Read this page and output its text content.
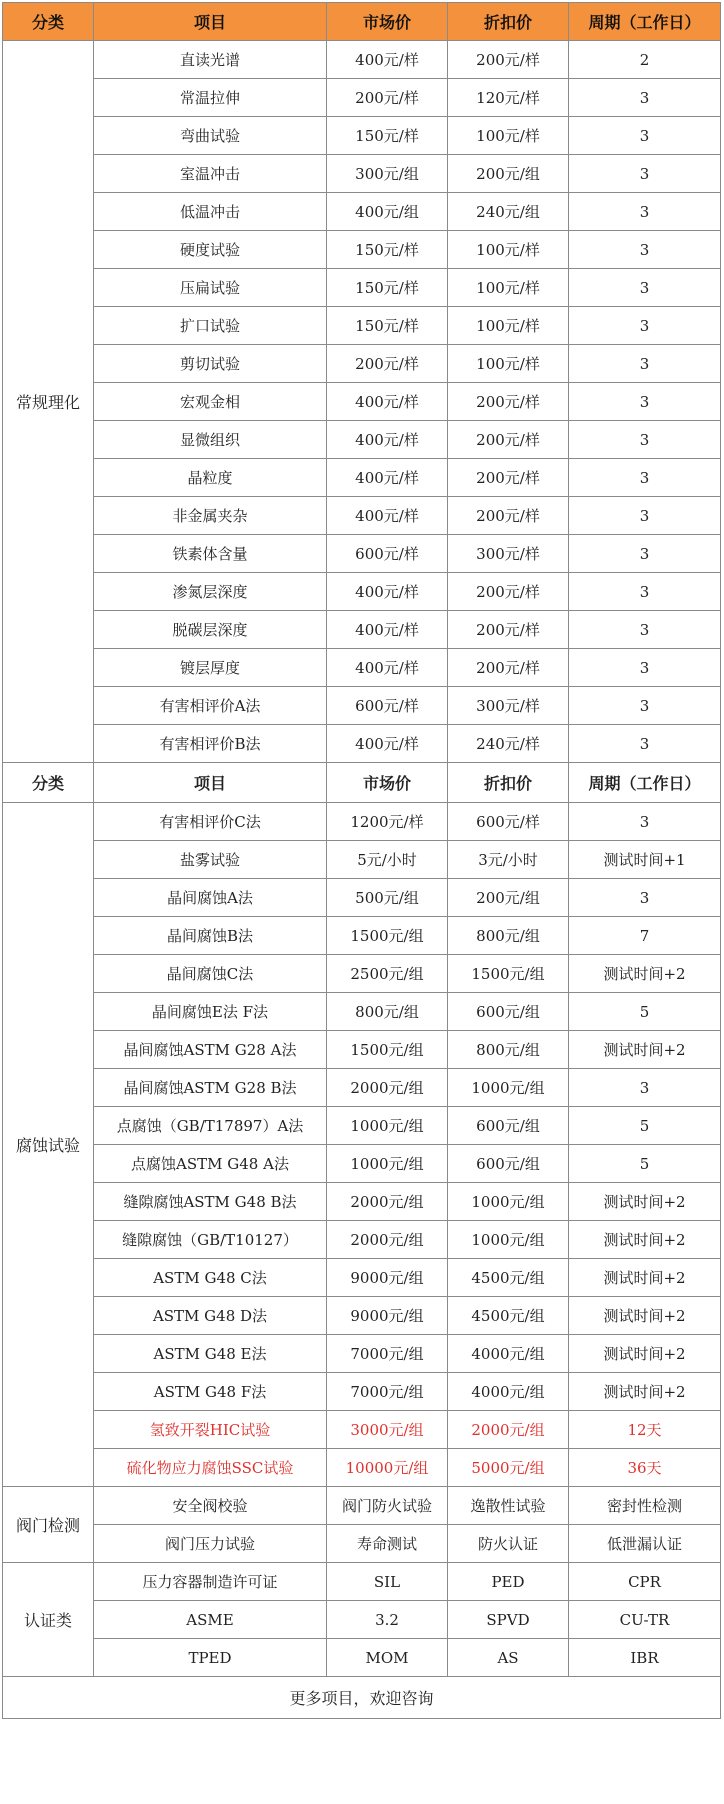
分类	项目	市场价	折扣价	周期（工作日）
常规理化	直读光谱	400元/样	200元/样	2
	常温拉伸	200元/样	120元/样	3
	弯曲试验	150元/样	100元/样	3
	室温冲击	300元/组	200元/组	3
	低温冲击	400元/组	240元/组	3
	硬度试验	150元/样	100元/样	3
	压扁试验	150元/样	100元/样	3
	扩口试验	150元/样	100元/样	3
	剪切试验	200元/样	100元/样	3
	宏观金相	400元/样	200元/样	3
	显微组织	400元/样	200元/样	3
	晶粒度	400元/样	200元/样	3
	非金属夹杂	400元/样	200元/样	3
	铁素体含量	600元/样	300元/样	3
	渗氮层深度	400元/样	200元/样	3
	脱碳层深度	400元/样	200元/样	3
	镀层厚度	400元/样	200元/样	3
	有害相评价A法	600元/样	300元/样	3
	有害相评价B法	400元/样	240元/样	3
分类	项目	市场价	折扣价	周期（工作日）
腐蚀试验	有害相评价C法	1200元/样	600元/样	3
	盐雾试验	5元/小时	3元/小时	测试时间+1
	晶间腐蚀A法	500元/组	200元/组	3
	晶间腐蚀B法	1500元/组	800元/组	7
	晶间腐蚀C法	2500元/组	1500元/组	测试时间+2
	晶间腐蚀E法 F法	800元/组	600元/组	5
	晶间腐蚀ASTM G28 A法	1500元/组	800元/组	测试时间+2
	晶间腐蚀ASTM G28 B法	2000元/组	1000元/组	3
	点腐蚀（GB/T17897）A法	1000元/组	600元/组	5
	点腐蚀ASTM G48 A法	1000元/组	600元/组	5
	缝隙腐蚀ASTM G48 B法	2000元/组	1000元/组	测试时间+2
	缝隙腐蚀（GB/T10127）	2000元/组	1000元/组	测试时间+2
	ASTM G48 C法	9000元/组	4500元/组	测试时间+2
	ASTM G48 D法	9000元/组	4500元/组	测试时间+2
	ASTM G48 E法	7000元/组	4000元/组	测试时间+2
	ASTM G48 F法	7000元/组	4000元/组	测试时间+2
	氢致开裂HIC试验	3000元/组	2000元/组	12天
	硫化物应力腐蚀SSC试验	10000元/组	5000元/组	36天
阀门检测	安全阀校验	阀门防火试验	逸散性试验	密封性检测
	阀门压力试验	寿命测试	防火认证	低泄漏认证
认证类	压力容器制造许可证	SIL	PED	CPR
	ASME	3.2	SPVD	CU-TR
	TPED	MOM	AS	IBR
更多项目，欢迎咨询				
